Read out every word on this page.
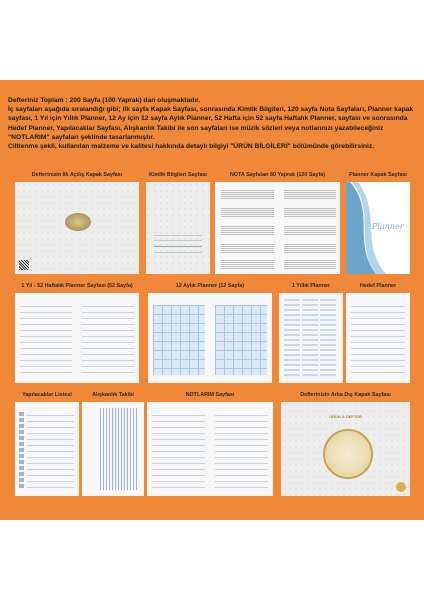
Defteriniz Toplam : 200 Sayfa (100 Yaprak) dan oluşmaktadır.

İç sayfaları aşağıda sıralandığı gibi; ilk sayfa Kapak Sayfası, sonrasında Kimlik Bilgileri, 120 sayfa Nota Sayfaları, Planner kapak sayfası, 1 Yıl için Yıllık Planner, 12 Ay için 12 sayfa Aylık Planner, 52 Hafta için 52 sayfa Haftalık Planner, sayfası ve sonrasında Hedef Planner, Yapılacaklar Sayfası, Alışkanlık Takibi ile son sayfaları ise müzik sözleri veya notlarınızı yazabileceğiniz "NOTLARIM" sayfaları şeklinde tasarlanmıştır.

Ciltlenme şekli, kullanılan malzeme ve kalitesi hakkında detaylı bilgiyi "ÜRÜN BİLGİLERİ" bölümünde görebilirsiniz.

Defterinizin İlk Açılış Kapak Sayfası	Kimlik Bilgileri Sayfası	NOTA Sayfaları 60 Yaprak (120 Sayfa)	Planner Kapak Sayfası
Planner
1 Yıl - 52 Haftalık Planner Sayfası (52 Sayfa)	12 Aylık Planner (12 Sayfa)	1 Yıllık Planner	Hedef Planner
Yapılacaklar Listesi	Alışkanlık Takibi	NOTLARIM Sayfası	Defterinizin Arka Dış Kapak Sayfası
ÜRÜN & DEFTER
